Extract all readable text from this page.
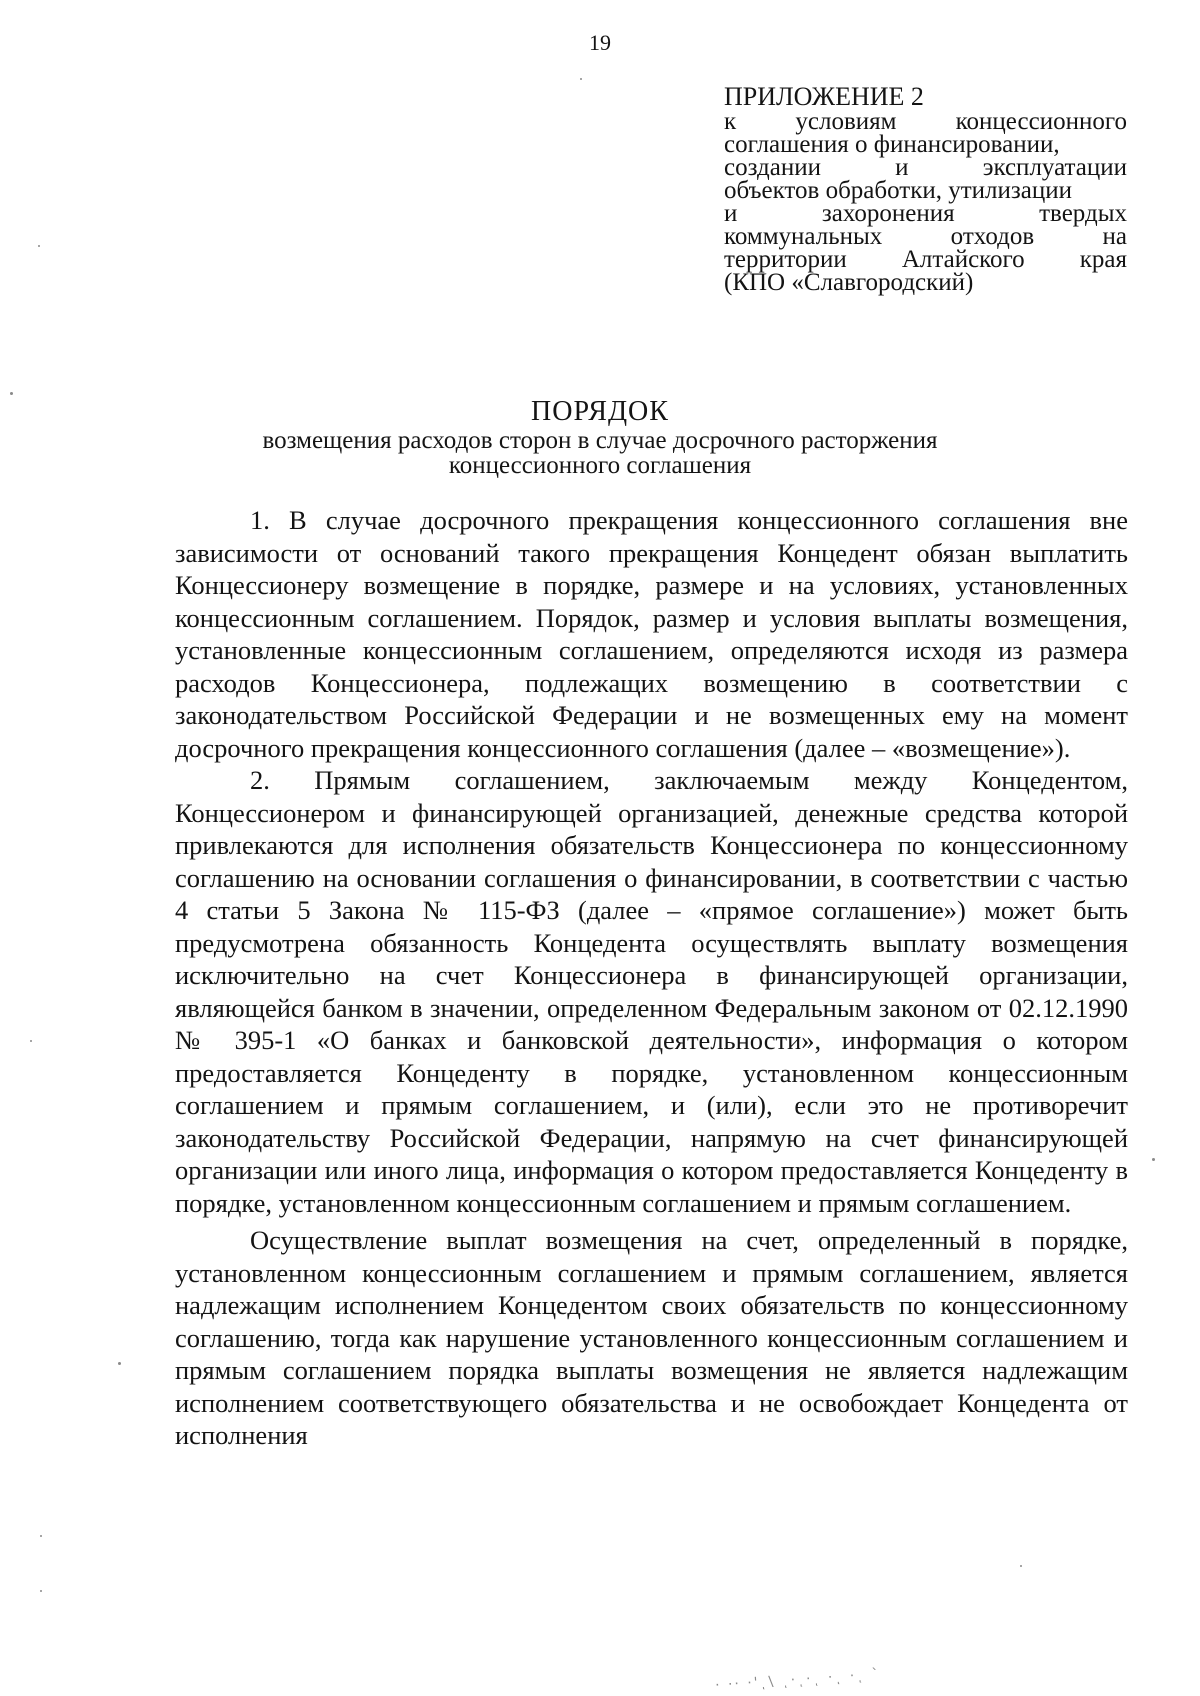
19
ПРИЛОЖЕНИЕ 2
к условиям концессионного
соглашения о финансировании,
создании и эксплуатации
объектов обработки, утилизации
и захоронения твердых
коммунальных отходов на
территории Алтайского края
(КПО «Славгородский)
ПОРЯДОК
возмещения расходов сторон в случае досрочного расторжения
концессионного соглашения

1. В случае досрочного прекращения концессионного соглашения вне зависимости от оснований такого прекращения Концедент обязан выплатить Концессионеру возмещение в порядке, размере и на условиях, установленных концессионным соглашением. Порядок, размер и условия выплаты возмещения, установленные концессионным соглашением, определяются исходя из размера расходов Концессионера, подлежащих возмещению в соответствии с законодательством Российской Федерации и не возмещенных ему на момент досрочного прекращения концессионного соглашения (далее – «возмещение»).

2. Прямым соглашением, заключаемым между Концедентом, Концессионером и финансирующей организацией, денежные средства которой привлекаются для исполнения обязательств Концессионера по концессионному соглашению на основании соглашения о финансировании, в соответствии с частью 4 статьи 5 Закона № 115-ФЗ (далее – «прямое соглашение») может быть предусмотрена обязанность Концедента осуществлять выплату возмещения исключительно на счет Концессионера в финансирующей организации, являющейся банком в значении, определенном Федеральным законом от 02.12.1990 № 395-1 «О банках и банковской деятельности», информация о котором предоставляется Концеденту в порядке, установленном концессионным соглашением и прямым соглашением, и (или), если это не противоречит законодательству Российской Федерации, напрямую на счет финансирующей организации или иного лица, информация о котором предоставляется Концеденту в порядке, установленном концессионным соглашением и прямым соглашением.

Осуществление выплат возмещения на счет, определенный в порядке, установленном концессионным соглашением и прямым соглашением, является надлежащим исполнением Концедентом своих обязательств по концессионному соглашению, тогда как нарушение установленного концессионным соглашением и прямым соглашением порядка выплаты возмещения не является надлежащим исполнением соответствующего обязательства и не освобождает Концедента от исполнения

· ·· ·'ͺ\ ͺ·ͺ·ͺ ·ͺ ·ͺ `
